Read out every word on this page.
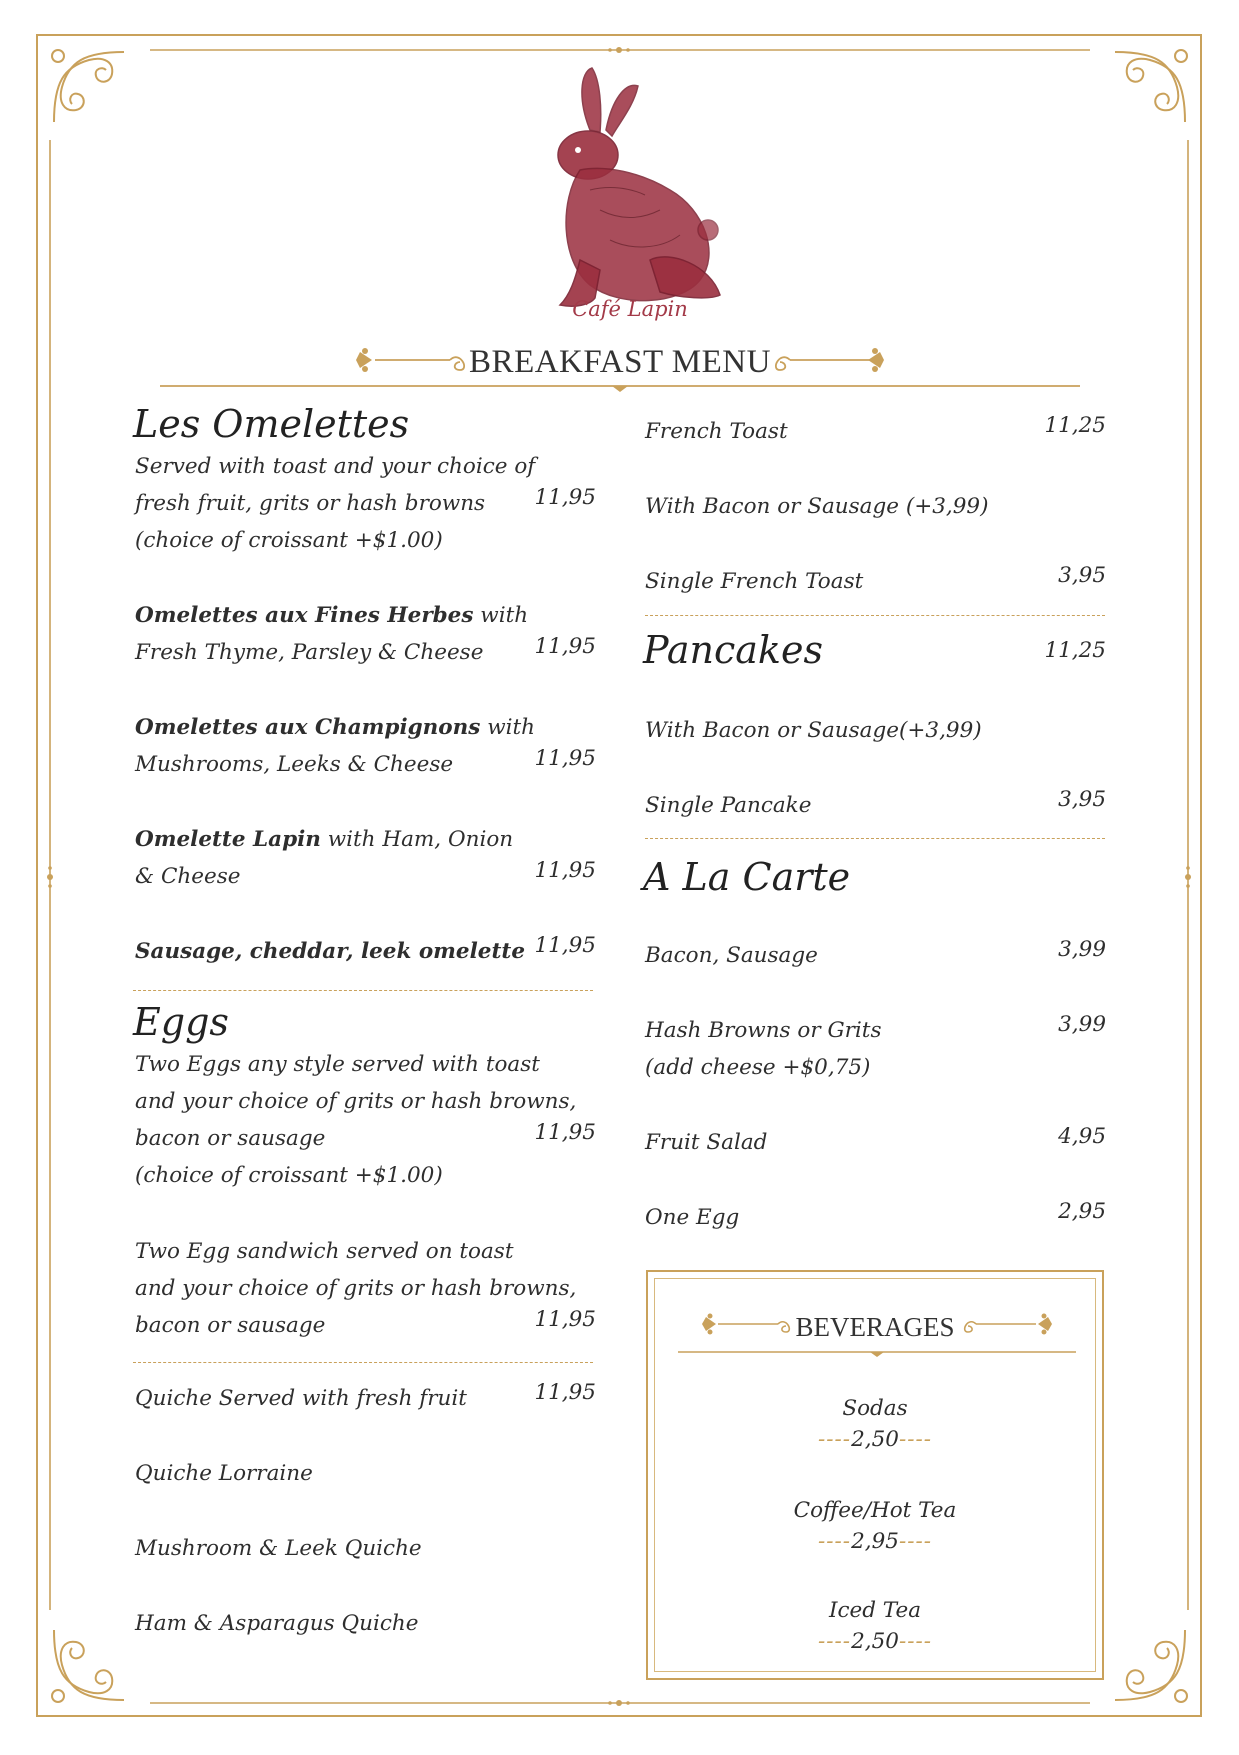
Café Lapin
BREAKFAST MENU
Les Omelettes
Served with toast and your choice of
fresh fruit, grits or hash browns
(choice of croissant +$1.00)
11,95
Omelettes aux Fines Herbes with
Fresh Thyme, Parsley & Cheese	11,95
Omelettes aux Champignons with
Mushrooms, Leeks & Cheese	11,95
Omelette Lapin with Ham, Onion
& Cheese	11,95
Sausage, cheddar, leek omelette 11,95
Eggs
Two Eggs any style served with toast
and your choice of grits or hash browns,
bacon or sausage
(choice of croissant +$1.00)
11,95
Two Egg sandwich served on toast
and your choice of grits or hash browns,
bacon or sausage	11,95
Quiche Served with fresh fruit	11,95
Quiche Lorraine
Mushroom & Leek Quiche
Ham & Asparagus Quiche
French Toast	11,25
With Bacon or Sausage (+3,99)
Single French Toast	3,95
Pancakes	11,25
With Bacon or Sausage(+3,99)
Single Pancake	3,95
A La Carte
Bacon, Sausage	3,99
Hash Browns or Grits
(add cheese +$0,75)
3,99
Fruit Salad	4,95
One Egg	2,95
BEVERAGES
Sodas
----2,50----
Coffee/Hot Tea
----2,95----
Iced Tea
----2,50----
